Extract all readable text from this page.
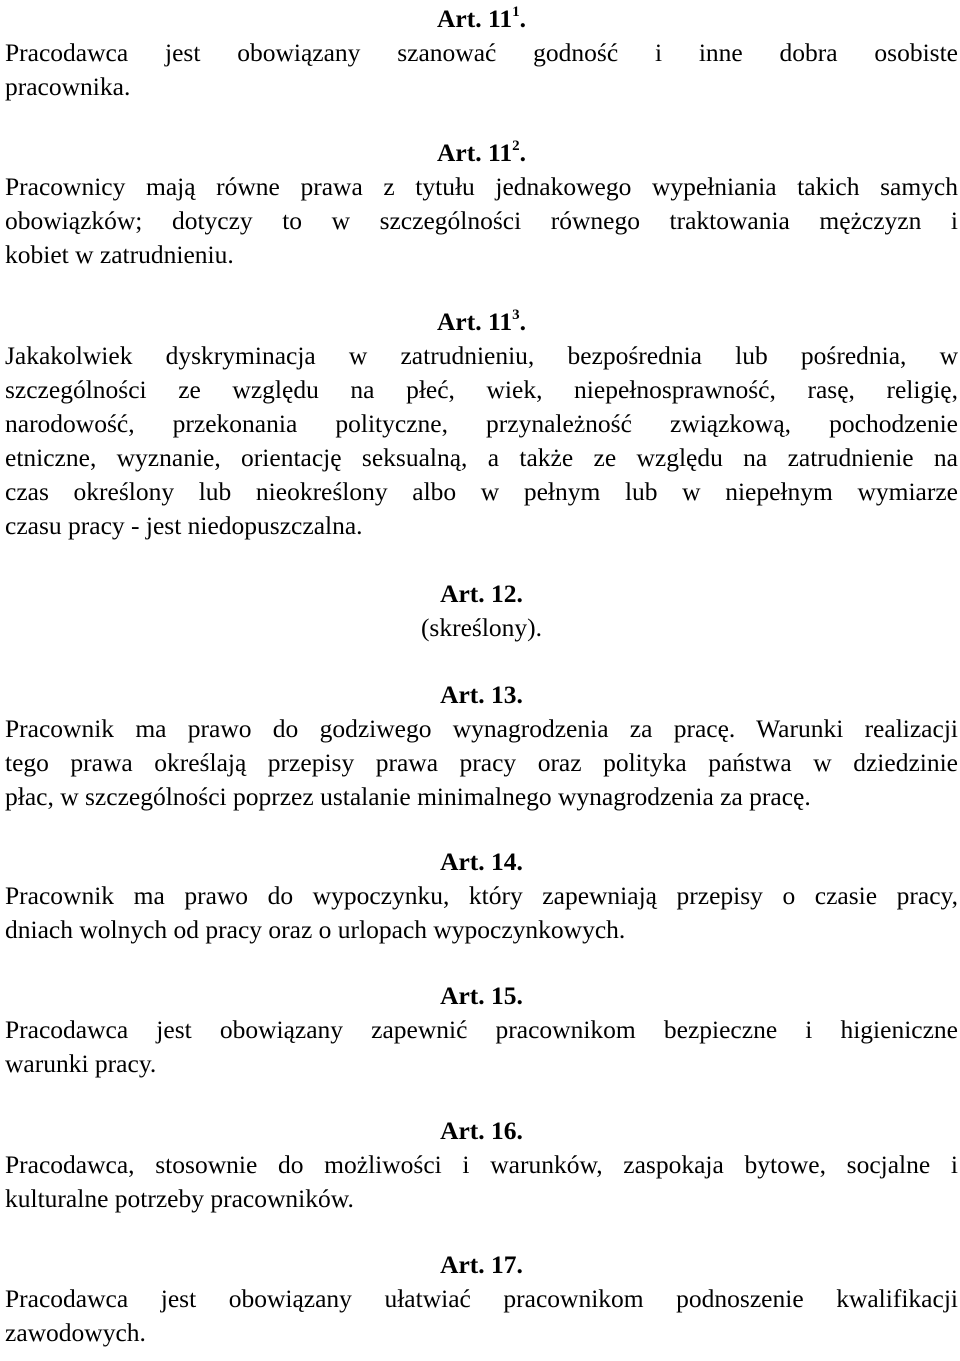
Art. $11^1$.
Pracodawca jest obowiązany szanować godność i inne dobra osobiste
pracownika.
Art. $11^2$.
Pracownicy mają równe prawa z tytułu jednakowego wypełniania takich samych
obowiązków; dotyczy to w szczególności równego traktowania mężczyzn i
kobiet w zatrudnieniu.
Art. $11^3$.
Jakakolwiek dyskryminacja w zatrudnieniu, bezpośrednia lub pośrednia, w
szczególności ze względu na płeć, wiek, niepełnosprawność, rasę, religię,
narodowość, przekonania polityczne, przynależność związkową, pochodzenie
etniczne, wyznanie, orientację seksualną, a także ze względu na zatrudnienie na
czas określony lub nieokreślony albo w pełnym lub w niepełnym wymiarze
czasu pracy - jest niedopuszczalna.
Art. 12.
(skreślony).
Art. 13.
Pracownik ma prawo do godziwego wynagrodzenia za pracę. Warunki realizacji
tego prawa określają przepisy prawa pracy oraz polityka państwa w dziedzinie
płac, w szczególności poprzez ustalanie minimalnego wynagrodzenia za pracę.
Art. 14.
Pracownik ma prawo do wypoczynku, który zapewniają przepisy o czasie pracy,
dniach wolnych od pracy oraz o urlopach wypoczynkowych.
Art. 15.
Pracodawca jest obowiązany zapewnić pracownikom bezpieczne i higieniczne
warunki pracy.
Art. 16.
Pracodawca, stosownie do możliwości i warunków, zaspokaja bytowe, socjalne i
kulturalne potrzeby pracowników.
Art. 17.
Pracodawca jest obowiązany ułatwiać pracownikom podnoszenie kwalifikacji
zawodowych.
